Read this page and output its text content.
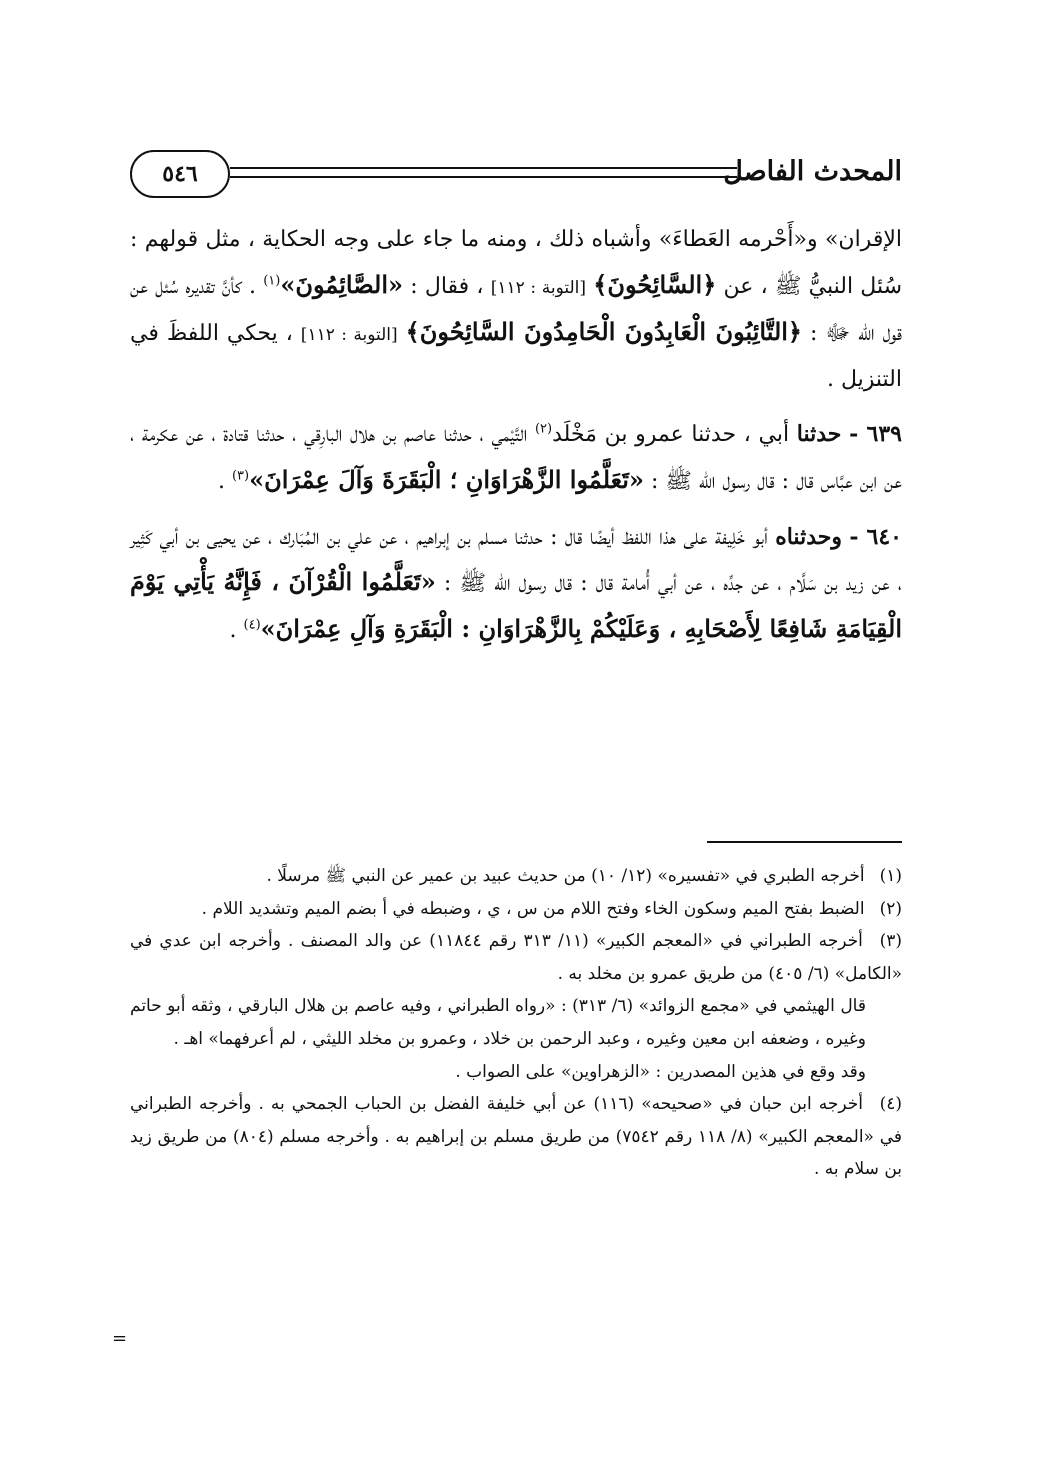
٥٤٦	المحدث الفاصل

الإقران» و«أَحْرمه العَطاءَ» وأشباه ذلك ، ومنه ما جاء على وجه الحكاية ، مثل قولهم : سُئل النبيُّ ﷺ ، عن ﴿السَّائِحُونَ﴾ [التوبة : ١١٢] ، فقال : «الصَّائِمُونَ»$^{(١)}$ . كأنَّ تقديره سُئل عن قول الله ﷻ : ﴿التَّائِبُونَ الْعَابِدُونَ الْحَامِدُونَ السَّائِحُونَ﴾ [التوبة : ١١٢] ، يحكي اللفظَ في التنزيل .

٦٣٩ - حدثنا أبي ، حدثنا عمرو بن مَخْلَد$^{(٢)}$ التَّيْمي ، حدثنا عاصم بن هلال البارِقي ، حدثنا قتادة ، عن عكرمة ، عن ابن عبَّاس قال : قال رسول الله ﷺ : «تَعَلَّمُوا الزَّهْرَاوَانِ ؛ الْبَقَرَةَ وَآلَ عِمْرَانَ»$^{(٣)}$ .

٦٤٠ - وحدثناه أبو خَلِيفة على هذا اللفظ أيضًا قال : حدثنا مسلم بن إبراهيم ، عن علي بن المُبَارك ، عن يحيى بن أبي كَثِير ، عن زيد بن سَلَّام ، عن جدِّه ، عن أبي أُمامة قال : قال رسول الله ﷺ : «تَعَلَّمُوا الْقُرْآنَ ، فَإِنَّهُ يَأْتِي يَوْمَ الْقِيَامَةِ شَافِعًا لِأَصْحَابِهِ ، وَعَلَيْكُمْ بِالزَّهْرَاوَانِ : الْبَقَرَةِ وَآلِ عِمْرَانَ»$^{(٤)}$ .

(١) أخرجه الطبري في «تفسيره» (١٢/ ١٠) من حديث عبيد بن عمير عن النبي ﷺ مرسلًا .

(٢) الضبط بفتح الميم وسكون الخاء وفتح اللام من س ، ي ، وضبطه في أ بضم الميم وتشديد اللام .

(٣) أخرجه الطبراني في «المعجم الكبير» (١١/ ٣١٣ رقم ١١٨٤٤) عن والد المصنف . وأخرجه ابن عدي في «الكامل» (٦/ ٤٠٥) من طريق عمرو بن مخلد به .

قال الهيثمي في «مجمع الزوائد» (٦/ ٣١٣) : «رواه الطبراني ، وفيه عاصم بن هلال البارقي ، وثقه أبو حاتم وغيره ، وضعفه ابن معين وغيره ، وعبد الرحمن بن خلاد ، وعمرو بن مخلد الليثي ، لم أعرفهما» اهـ .

وقد وقع في هذين المصدرين : «الزهراوين» على الصواب .

(٤) أخرجه ابن حبان في «صحيحه» (١١٦) عن أبي خليفة الفضل بن الحباب الجمحي به . وأخرجه الطبراني في «المعجم الكبير» (٨/ ١١٨ رقم ٧٥٤٢) من طريق مسلم بن إبراهيم به . وأخرجه مسلم (٨٠٤) من طريق زيد بن سلام به .

=
